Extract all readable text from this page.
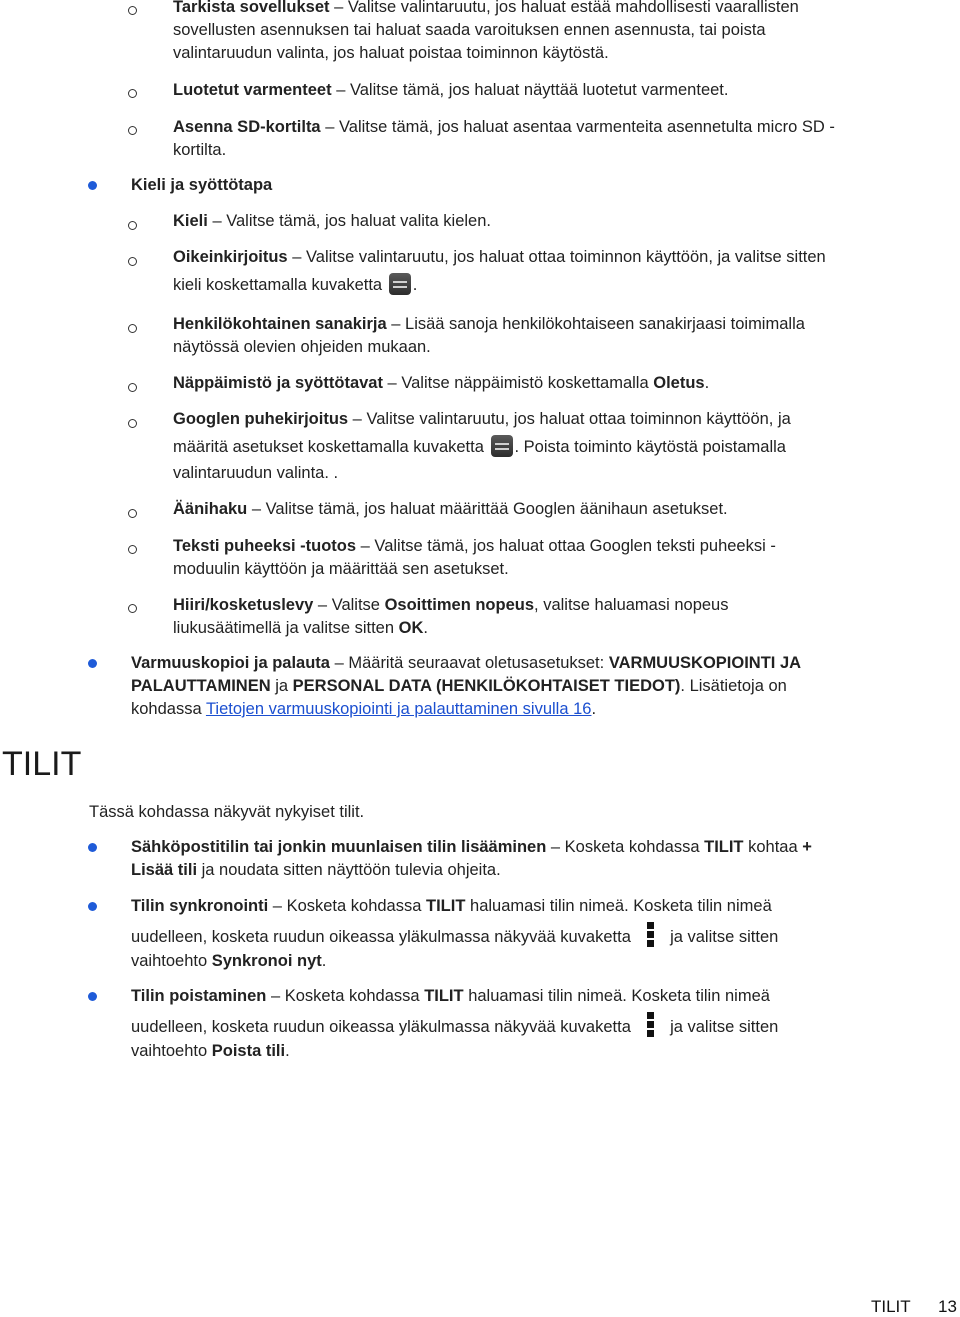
Tarkista sovellukset – Valitse valintaruutu, jos haluat estää mahdollisesti vaarallisten
sovellusten asennuksen tai haluat saada varoituksen ennen asennusta, tai poista
valintaruudun valinta, jos haluat poistaa toiminnon käytöstä.
Luotetut varmenteet – Valitse tämä, jos haluat näyttää luotetut varmenteet.
Asenna SD-kortilta – Valitse tämä, jos haluat asentaa varmenteita asennetulta micro SD -
kortilta.
Kieli ja syöttötapa
Kieli – Valitse tämä, jos haluat valita kielen.
Oikeinkirjoitus – Valitse valintaruutu, jos haluat ottaa toiminnon käyttöön, ja valitse sitten
kieli koskettamalla kuvaketta .
Henkilökohtainen sanakirja – Lisää sanoja henkilökohtaiseen sanakirjaasi toimimalla
näytössä olevien ohjeiden mukaan.
Näppäimistö ja syöttötavat – Valitse näppäimistö koskettamalla Oletus.
Googlen puhekirjoitus – Valitse valintaruutu, jos haluat ottaa toiminnon käyttöön, ja
määritä asetukset koskettamalla kuvaketta . Poista toiminto käytöstä poistamalla
valintaruudun valinta. .
Äänihaku – Valitse tämä, jos haluat määrittää Googlen äänihaun asetukset.
Teksti puheeksi -tuotos – Valitse tämä, jos haluat ottaa Googlen teksti puheeksi -
moduulin käyttöön ja määrittää sen asetukset.
Hiiri/kosketuslevy – Valitse Osoittimen nopeus, valitse haluamasi nopeus
liukusäätimellä ja valitse sitten OK.
Varmuuskopioi ja palauta – Määritä seuraavat oletusasetukset: VARMUUSKOPIOINTI JA
PALAUTTAMINEN ja PERSONAL DATA (HENKILÖKOHTAISET TIEDOT). Lisätietoja on
kohdassa Tietojen varmuuskopiointi ja palauttaminen sivulla 16.
TILIT
Tässä kohdassa näkyvät nykyiset tilit.
Sähköpostitilin tai jonkin muunlaisen tilin lisääminen – Kosketa kohdassa TILIT kohtaa +
Lisää tili ja noudata sitten näyttöön tulevia ohjeita.
Tilin synkronointi – Kosketa kohdassa TILIT haluamasi tilin nimeä. Kosketa tilin nimeä
uudelleen, kosketa ruudun oikeassa yläkulmassa näkyvää kuvaketta ja valitse sitten
vaihtoehto Synkronoi nyt.
Tilin poistaminen – Kosketa kohdassa TILIT haluamasi tilin nimeä. Kosketa tilin nimeä
uudelleen, kosketa ruudun oikeassa yläkulmassa näkyvää kuvaketta ja valitse sitten
vaihtoehto Poista tili.
TILIT 13
